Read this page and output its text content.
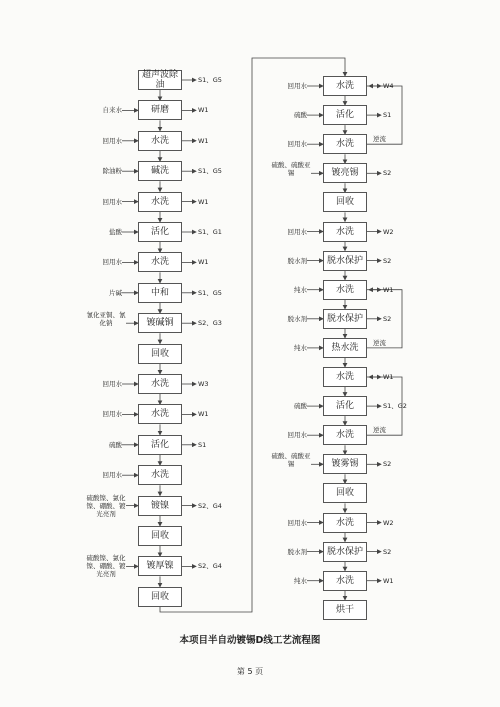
超声波除油	S1、G5
研磨
自来水	W1
水洗
回用水	W1
碱洗
除油粉	S1、G5
水洗
回用水	W1
活化
盐酸	S1、G1
水洗
回用水	W1
中和
片碱	S1、G5
镀碱铜
氰化亚铜、氰化钠	S2、G3
回收
水洗
回用水	W3
水洗
回用水	W1
活化
硫酸	S1
水洗
回用水
镀镍
硫酸镍、氯化镍、硼酸、镀光亮剂
S2、G4
回收
镀厚镍
硫酸镍、氯化镍、硼酸、镀光亮剂
S2、G4
回收
水洗
回用水	W4
活化
硫酸	S1
水洗
回用水
镀亮锡
硫酸、硫酸亚锡	S2
回收
水洗
回用水	W2
脱水保护
脱水剂	S2
水洗
纯水	W1
脱水保护
脱水剂	S2
热水洗
纯水
水洗	W1
活化
硫酸	S1、G2
水洗
回用水
镀雾锡
硫酸、硫酸亚锡	S2
回收
水洗
回用水	W2
脱水保护
脱水剂	S2
水洗
纯水	W1
烘干
逆流
逆流
逆流
本项目半自动镀锡D线工艺流程图
第 5 页
